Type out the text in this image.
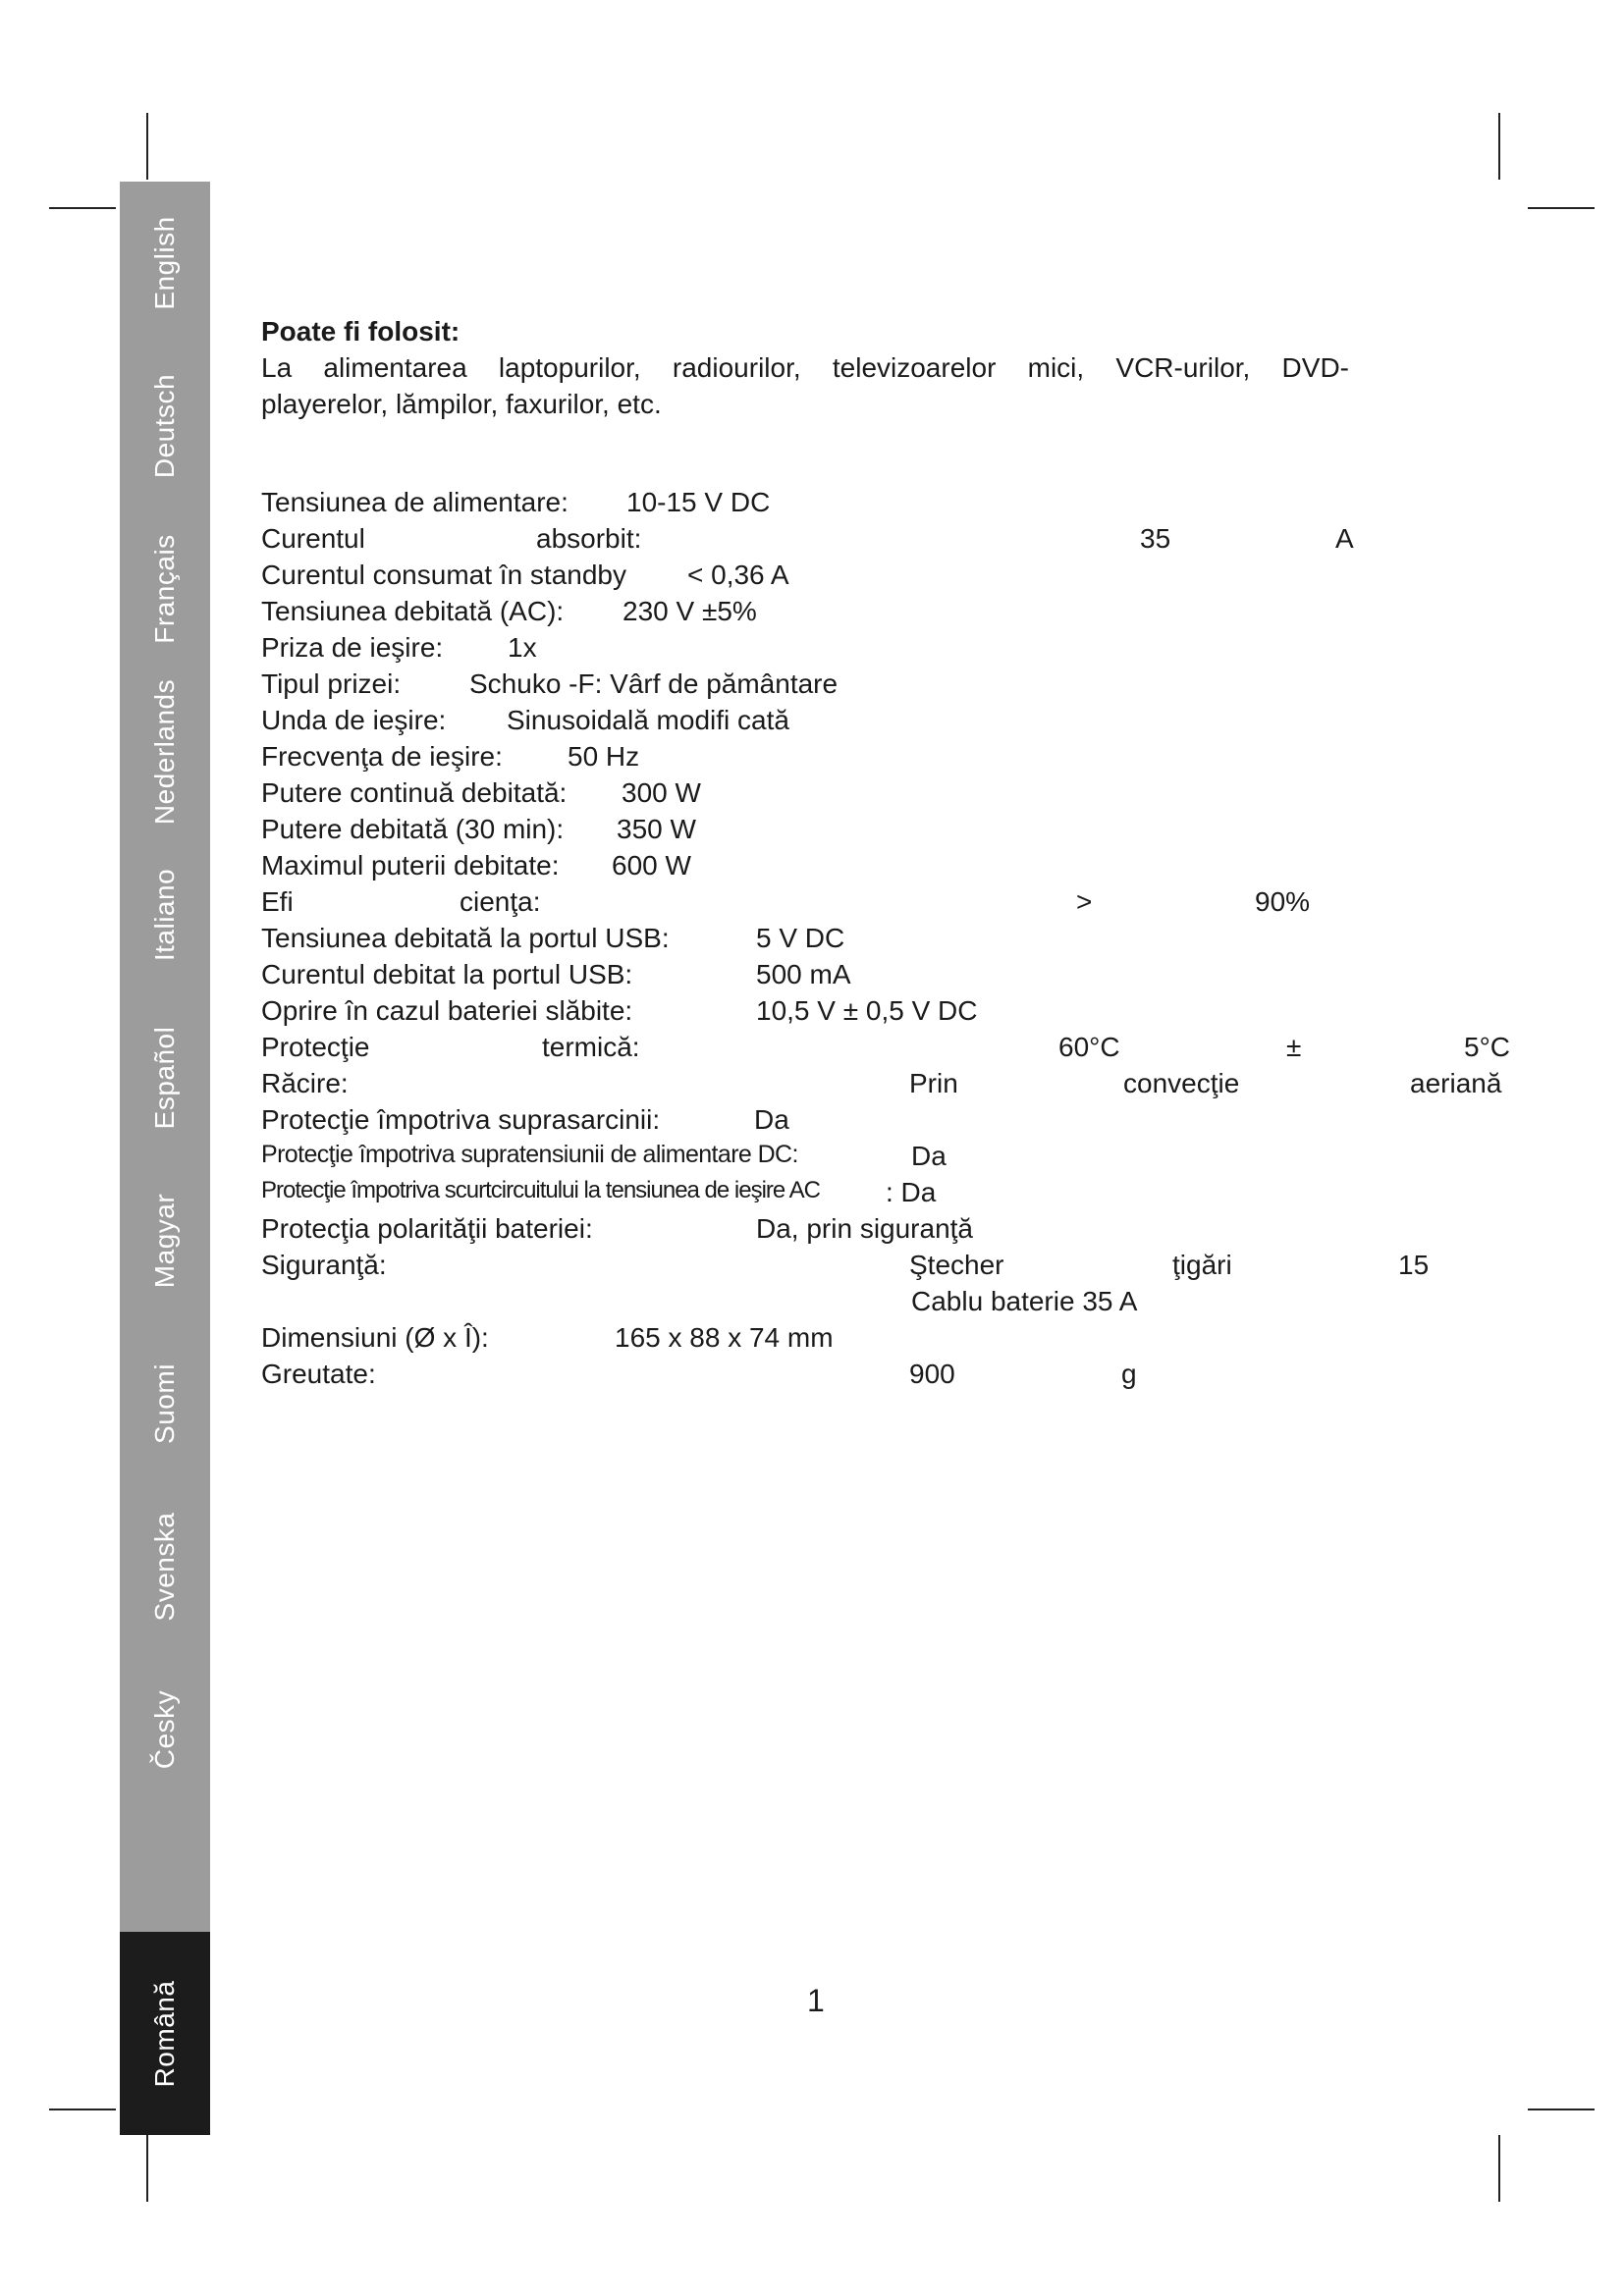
English
Deutsch
Français
Nederlands
Italiano
Español
Magyar
Suomi
Svenska
Česky
Română
Poate fi folosit:
La alimentarea laptopurilor, radiourilor, televizoarelor mici, VCR-urilor, DVD-
playerelor, lămpilor, faxurilor, etc.
Tensiunea de alimentare: 10-15 V DC
Curentul	absorbit:	35	A
Curentul consumat în standby < 0,36 A
Tensiunea debitată (AC): 230 V ±5%
Priza de ieşire: 1x
Tipul prizei: Schuko -F: Vârf de pământare
Unda de ieşire: Sinusoidală modifi cată
Frecvenţa de ieşire: 50 Hz
Putere continuă debitată: 300 W
Putere debitată (30 min): 350 W
Maximul puterii debitate: 600 W
Efi	cienţa:	>	90%
Tensiunea debitată la portul USB:	5 V DC
Curentul debitat la portul USB:	500 mA
Oprire în cazul bateriei slăbite:	10,5 V ± 0,5 V DC
Protecţie	termică:	60°C	±	5°C
Răcire:	Prin	convecţie	aeriană
Protecţie împotriva suprasarcinii:	Da
Protecţie împotriva supratensiunii de alimentare DC:	Da
Protecţie împotriva scurtcircuitului la tensiunea de ieşire AC : Da
Protecţia polarităţii bateriei:	Da, prin siguranţă
Siguranţă:	Ştecher	ţigări	15
Cablu baterie 35 A
Dimensiuni (Ø x Î):	165 x 88 x 74 mm
Greutate:	900	g
1
